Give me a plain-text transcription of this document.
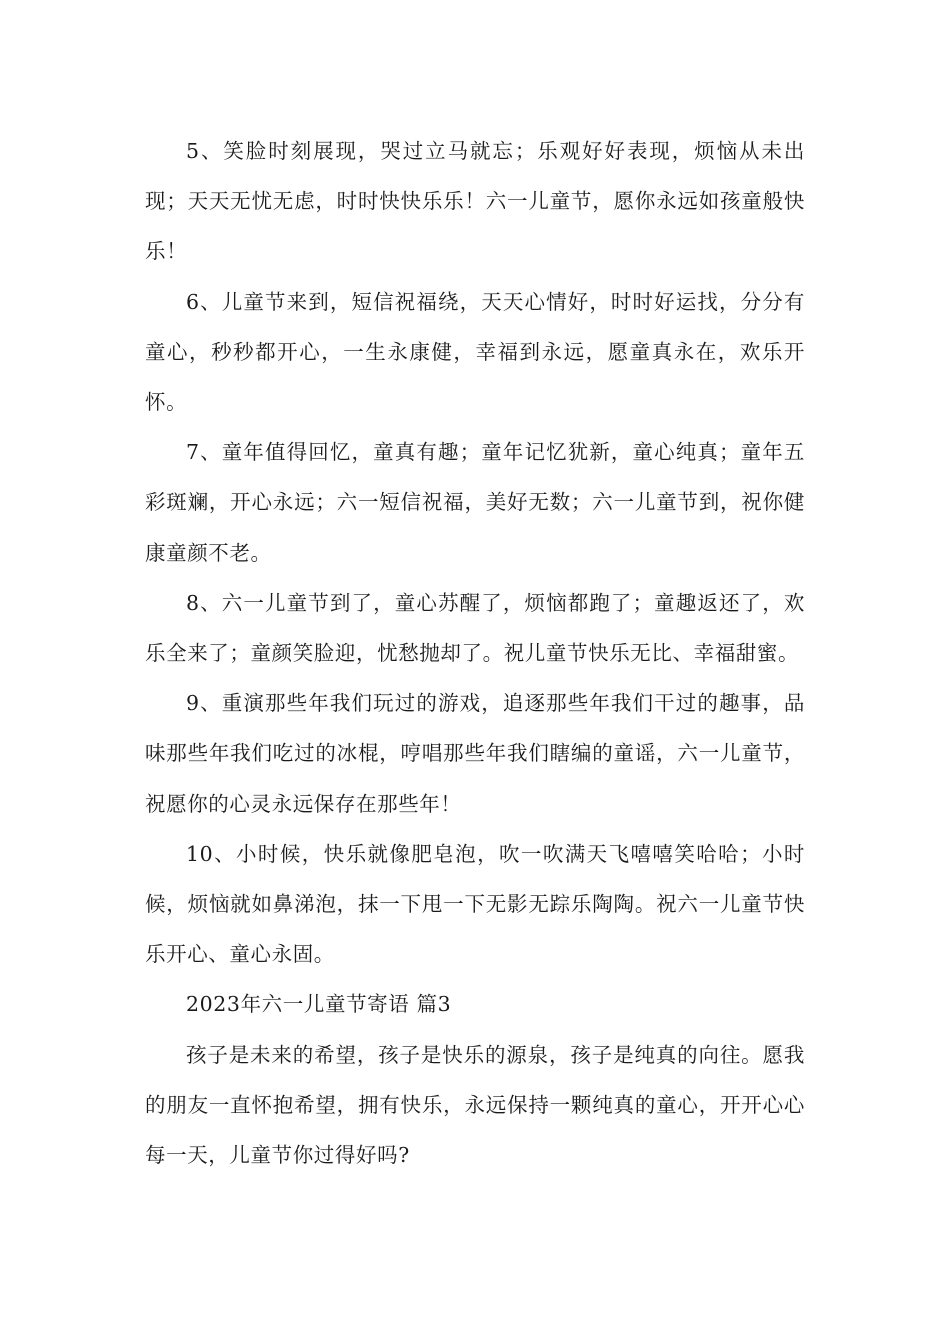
5、笑脸时刻展现，哭过立马就忘；乐观好好表现，烦恼从未出现；天天无忧无虑，时时快快乐乐！六一儿童节，愿你永远如孩童般快乐！

6、儿童节来到，短信祝福绕，天天心情好，时时好运找，分分有童心，秒秒都开心，一生永康健，幸福到永远，愿童真永在，欢乐开怀。

7、童年值得回忆，童真有趣；童年记忆犹新，童心纯真；童年五彩斑斓，开心永远；六一短信祝福，美好无数；六一儿童节到，祝你健康童颜不老。

8、六一儿童节到了，童心苏醒了，烦恼都跑了；童趣返还了，欢乐全来了；童颜笑脸迎，忧愁抛却了。祝儿童节快乐无比、幸福甜蜜。

9、重演那些年我们玩过的游戏，追逐那些年我们干过的趣事，品味那些年我们吃过的冰棍，哼唱那些年我们瞎编的童谣，六一儿童节，祝愿你的心灵永远保存在那些年！

10、小时候，快乐就像肥皂泡，吹一吹满天飞嘻嘻笑哈哈；小时候，烦恼就如鼻涕泡，抹一下甩一下无影无踪乐陶陶。祝六一儿童节快乐开心、童心永固。

2023年六一儿童节寄语 篇3

孩子是未来的希望，孩子是快乐的源泉，孩子是纯真的向往。愿我的朋友一直怀抱希望，拥有快乐，永远保持一颗纯真的童心，开开心心每一天，儿童节你过得好吗?
